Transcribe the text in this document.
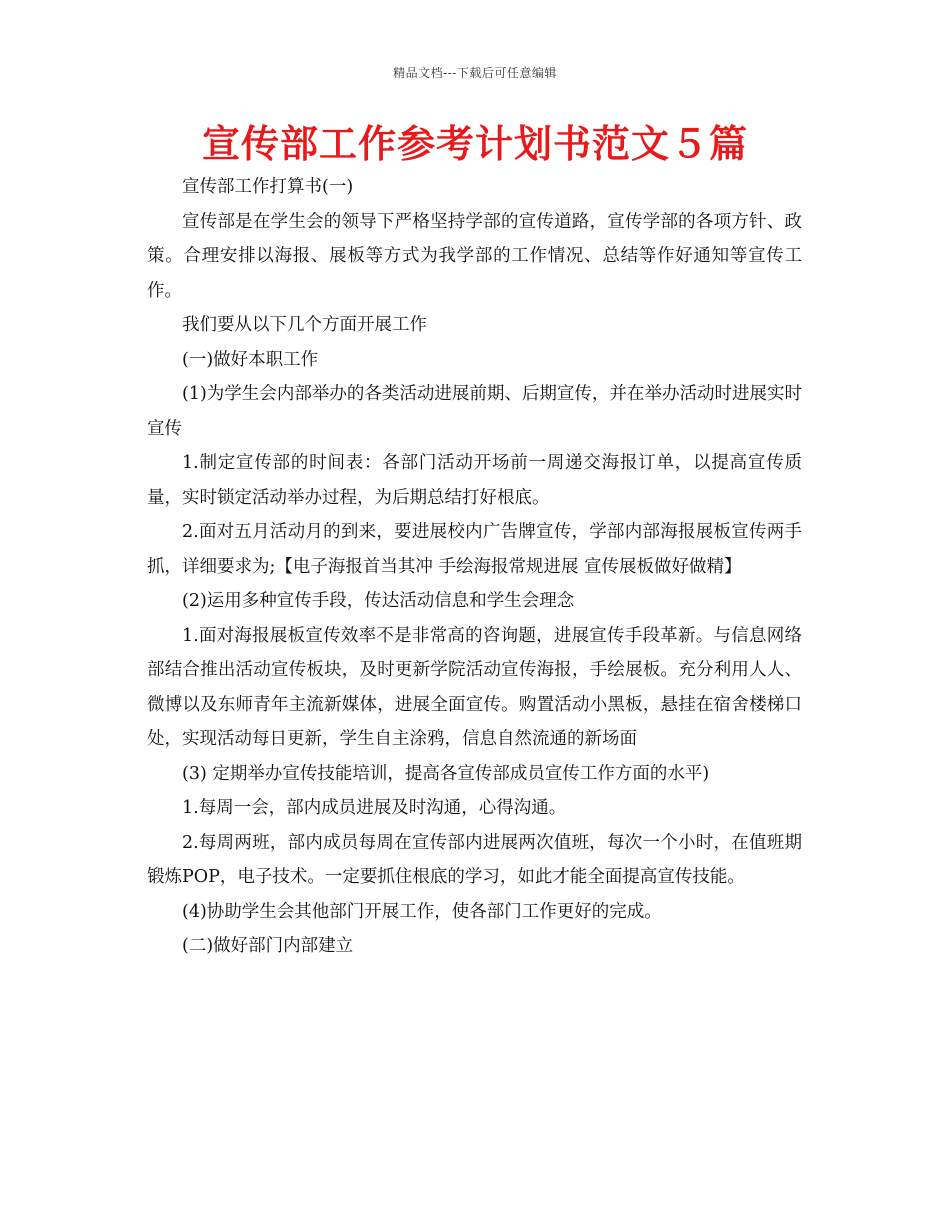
精品文档---下载后可任意编辑
宣传部工作参考计划书范文５篇

宣传部工作打算书(一)

宣传部是在学生会的领导下严格坚持学部的宣传道路，宣传学部的各项方针、政策。合理安排以海报、展板等方式为我学部的工作情况、总结等作好通知等宣传工作。

我们要从以下几个方面开展工作

(一)做好本职工作

(1)为学生会内部举办的各类活动进展前期、后期宣传，并在举办活动时进展实时宣传

1.制定宣传部的时间表：各部门活动开场前一周递交海报订单，以提高宣传质量，实时锁定活动举办过程，为后期总结打好根底。

2.面对五月活动月的到来，要进展校内广告牌宣传，学部内部海报展板宣传两手抓，详细要求为;【电子海报首当其冲 手绘海报常规进展 宣传展板做好做精】

(2)运用多种宣传手段，传达活动信息和学生会理念

1.面对海报展板宣传效率不是非常高的咨询题，进展宣传手段革新。与信息网络部结合推出活动宣传板块，及时更新学院活动宣传海报，手绘展板。充分利用人人、微博以及东师青年主流新媒体，进展全面宣传。购置活动小黑板，悬挂在宿舍楼梯口处，实现活动每日更新，学生自主涂鸦，信息自然流通的新场面

(3) 定期举办宣传技能培训，提高各宣传部成员宣传工作方面的水平)

1.每周一会，部内成员进展及时沟通，心得沟通。

2.每周两班，部内成员每周在宣传部内进展两次值班，每次一个小时，在值班期锻炼POP，电子技术。一定要抓住根底的学习，如此才能全面提高宣传技能。

(4)协助学生会其他部门开展工作，使各部门工作更好的完成。

(二)做好部门内部建立
